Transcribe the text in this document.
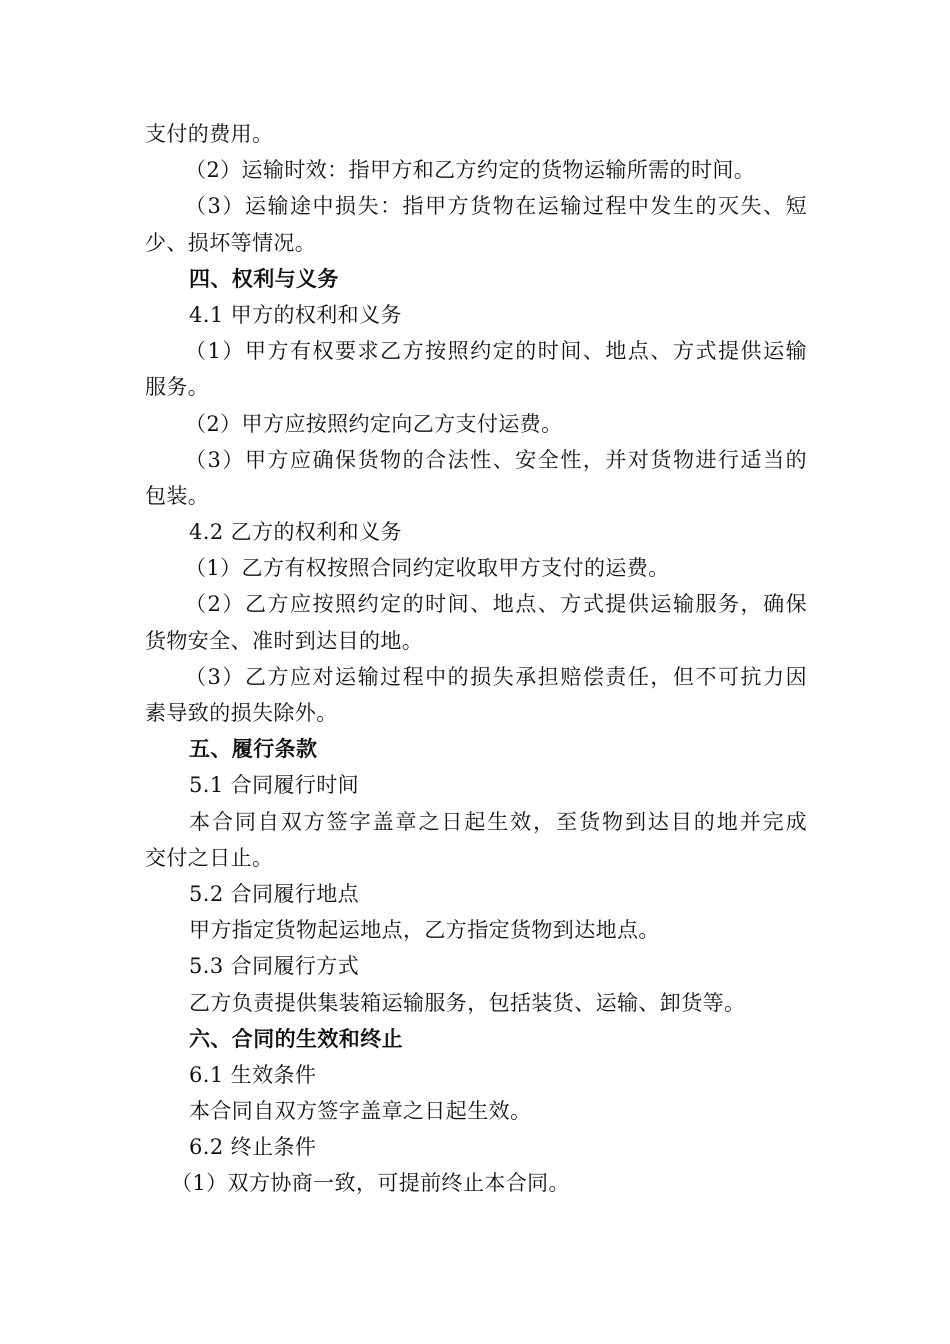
支付的费用。
（2）运输时效：指甲方和乙方约定的货物运输所需的时间。
（3）运输途中损失：指甲方货物在运输过程中发生的灭失、短
少、损坏等情况。
四、权利与义务
4.1 甲方的权利和义务
（1）甲方有权要求乙方按照约定的时间、地点、方式提供运输
服务。
（2）甲方应按照约定向乙方支付运费。
（3）甲方应确保货物的合法性、安全性，并对货物进行适当的
包装。
4.2 乙方的权利和义务
（1）乙方有权按照合同约定收取甲方支付的运费。
（2）乙方应按照约定的时间、地点、方式提供运输服务，确保
货物安全、准时到达目的地。
（3）乙方应对运输过程中的损失承担赔偿责任，但不可抗力因
素导致的损失除外。
五、履行条款
5.1 合同履行时间
本合同自双方签字盖章之日起生效，至货物到达目的地并完成
交付之日止。
5.2 合同履行地点
甲方指定货物起运地点，乙方指定货物到达地点。
5.3 合同履行方式
乙方负责提供集装箱运输服务，包括装货、运输、卸货等。
六、合同的生效和终止
6.1 生效条件
本合同自双方签字盖章之日起生效。
6.2 终止条件
（1）双方协商一致，可提前终止本合同。
